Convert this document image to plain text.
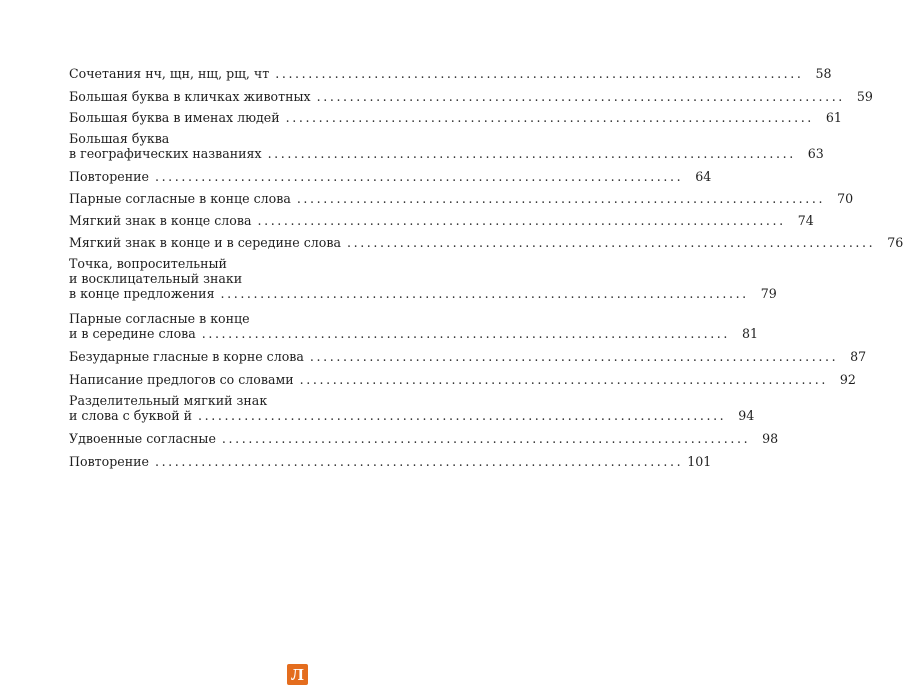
Сочетания нч, щн, нщ, рщ, чт ................................................................................ 58
Большая буква в кличках животных ................................................................................ 59
Большая буква в именах людей ................................................................................ 61
Большая буква
в географических названиях ................................................................................ 63
Повторение ................................................................................ 64
Парные согласные в конце слова ................................................................................ 70
Мягкий знак в конце слова ................................................................................ 74
Мягкий знак в конце и в середине слова ................................................................................ 76
Точка, вопросительный
и восклицательный знаки
в конце предложения ................................................................................ 79
Парные согласные в конце
и в середине слова ................................................................................ 81
Безударные гласные в корне слова ................................................................................ 87
Написание предлогов со словами ................................................................................ 92
Разделительный мягкий знак
и слова с буквой й ................................................................................ 94
Удвоенные согласные ................................................................................ 98
Повторение ................................................................................ 101
Л
